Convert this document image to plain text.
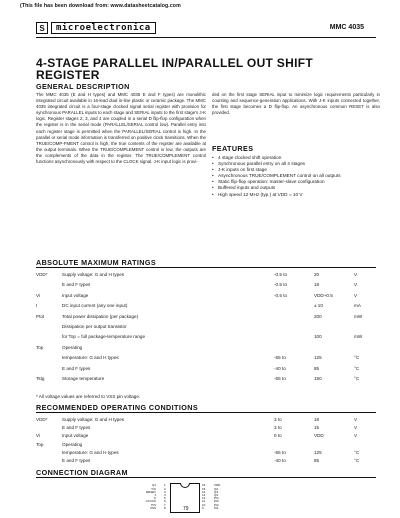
(This file has been download from: www.datasheetcatalog.com
S	microelectronica	MMC 4035
4-STAGE PARALLEL IN/PARALLEL OUT SHIFT REGISTER
GENERAL DESCRIPTION
The MMC 4035 (E and H types) and MMC 4035 E and F types) are monolithic integrated circuit available in 16-lead dual in-line plastic or ceramic package. The MMC 4035 integrated circuit is a four-stage clocked signal serial register with provision for synchronous PARALLEL inputs to each stage and SERIAL inputs to the first stage's J-K logic. Register stages 2, 3, and 4 are coupled in a serial D flip-flop configuration when the register is in the serial mode (PARALLEL/SERIAL control low). Parallel entry into each register stage is permitted when the PARALLEL/SERIAL control is high. In the parallel or serial mode information is transferred on positive clock transitions. When the TRUE/COMP-FMENT control is high, the true contents of the register are available at the output terminals. When the TRUE/COMPLEMENT control is low, the outputs are the complements of the data in the register. The TRUE/COMPLEMENT control functions asynchronously with respect to the CLOCK signal. J-K input logic is provi-
ded on the first stage SERIAL input to minimize logic requirements particularly in counting and sequence-generation applications. With J-K inputs connected together, the first stage becomes a D flip-flop. An asynchronous common RESET is also provided.
FEATURES
• 4 stage clocked shift operation
• Synchronous parallel entry on all 4 stages
• J-K inputs on first stage
• Asynchronous TRUE/COMPLEMENT control on all outputs
• Static flip-flop operation: master-slave configuration
• Buffered inputs and outputs
• High speed 12 MHz (typ.) at VDD = 10 V
ABSOLUTE MAXIMUM RATINGS
VDD*	Supply voltage: G and H types	-0.5 to	20	V
E and F types	-0.5 to	18	V
Vi	Input voltage	-0.5 to	VDD+0.5	V
I	DC input current (any one input)	± 10	mA
Ptot	Total power dissipation (per package)	200	mW
Dissipation per output transistor
for Top = full package-temperature range	100	mW
Top	Operating
temperature: G and H types	-55 to	125	°C
E and F types	-40 to	85	°C
Tstg	Storage temperature	-65 to	150	°C
* All voltage values are referred to VSS pin voltage.
RECOMMENDED OPERATING CONDITIONS
VDD*	Supply voltage: G and H types	3 to	18	V
E and F types	3 to	15	V
Vi	Input voltage	0 to	VDD	V
Top	Operating
temperature: G and H types	-55 to	125	°C
E and F types	-40 to	85	°C
CONNECTION DIAGRAM
Q1	1
T/C	2
RESET	3
J	4
K	5
CLOCK	6
P/S	7
VSS	8
16	VDD
15	Q2
14	Q3
13	Q4
12	PI4
11	PI3
10	PI2
9	PI1
79
